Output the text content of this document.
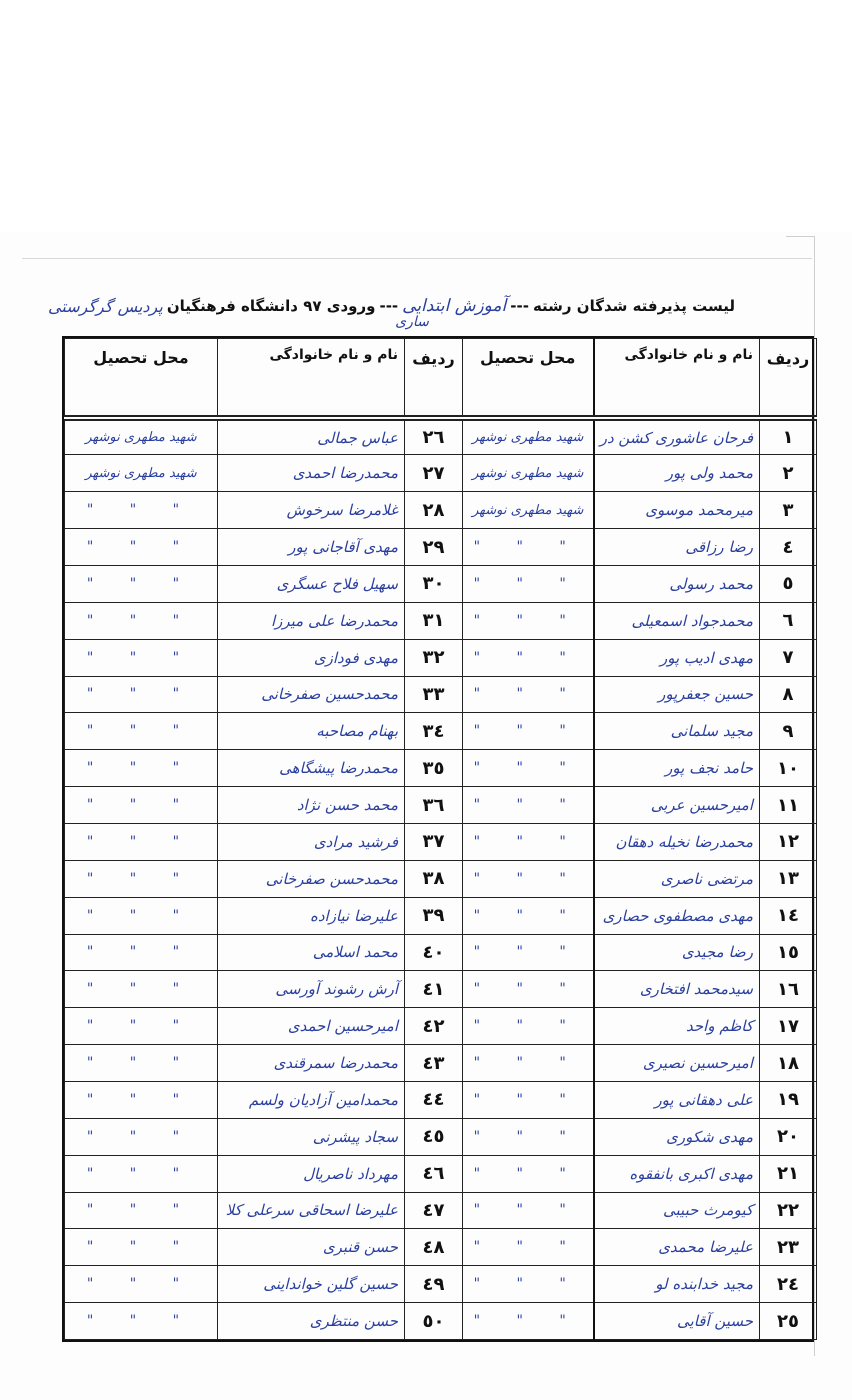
لیست پذیرفته شدگان رشته
---
آموزش ابتدایی
---
ورودی ۹۷ دانشگاه فرهنگیان
پردیس گرگرستی
ساری
ردیف	نام و نام خانوادگی	محل تحصیل	ردیف	نام و نام خانوادگی	محل تحصیل
١	فرحان عاشوری کشن در	شهید مطهری نوشهر	٢٦	عباس جمالی	شهید مطهری نوشهر
٢	محمد ولی پور	شهید مطهری نوشهر	٢٧	محمدرضا احمدی	شهید مطهری نوشهر
٣	میرمحمد موسوی	شهید مطهری نوشهر	٢٨	غلامرضا سرخوش	" " "
٤	رضا رزاقی	" " "	٢٩	مهدی آقاجانی پور	" " "
٥	محمد رسولی	" " "	٣٠	سهیل فلاح عسگری	" " "
٦	محمدجواد اسمعیلی	" " "	٣١	محمدرضا علی میرزا	" " "
٧	مهدی ادیب پور	" " "	٣٢	مهدی فودازی	" " "
٨	حسین جعفرپور	" " "	٣٣	محمدحسین صفرخانی	" " "
٩	مجید سلمانی	" " "	٣٤	بهنام مصاحبه	" " "
١٠	حامد نجف پور	" " "	٣٥	محمدرضا پیشگاهی	" " "
١١	امیرحسین عربی	" " "	٣٦	محمد حسن نژاد	" " "
١٢	محمدرضا نخیله دهقان	" " "	٣٧	فرشید مرادی	" " "
١٣	مرتضی ناصری	" " "	٣٨	محمدحسن صفرخانی	" " "
١٤	مهدی مصطفوی حصاری	" " "	٣٩	علیرضا نیازاده	" " "
١٥	رضا مجیدی	" " "	٤٠	محمد اسلامی	" " "
١٦	سیدمحمد افتخاری	" " "	٤١	آرش رشوند آورسی	" " "
١٧	کاظم واحد	" " "	٤٢	امیرحسین احمدی	" " "
١٨	امیرحسین نصیری	" " "	٤٣	محمدرضا سمرقندی	" " "
١٩	علی دهقانی پور	" " "	٤٤	محمدامین آزادیان ولسم	" " "
٢٠	مهدی شکوری	" " "	٤٥	سجاد پیشرنی	" " "
٢١	مهدی اکبری بانفقوه	" " "	٤٦	مهرداد ناصریال	" " "
٢٢	کیومرث حبیبی	" " "	٤٧	علیرضا اسحاقی سرعلی کلا	" " "
٢٣	علیرضا محمدی	" " "	٤٨	حسن قنبری	" " "
٢٤	مجید خدابنده لو	" " "	٤٩	حسین گلین خوانداینی	" " "
٢٥	حسین آقایی	" " "	٥٠	حسن منتظری	" " "
